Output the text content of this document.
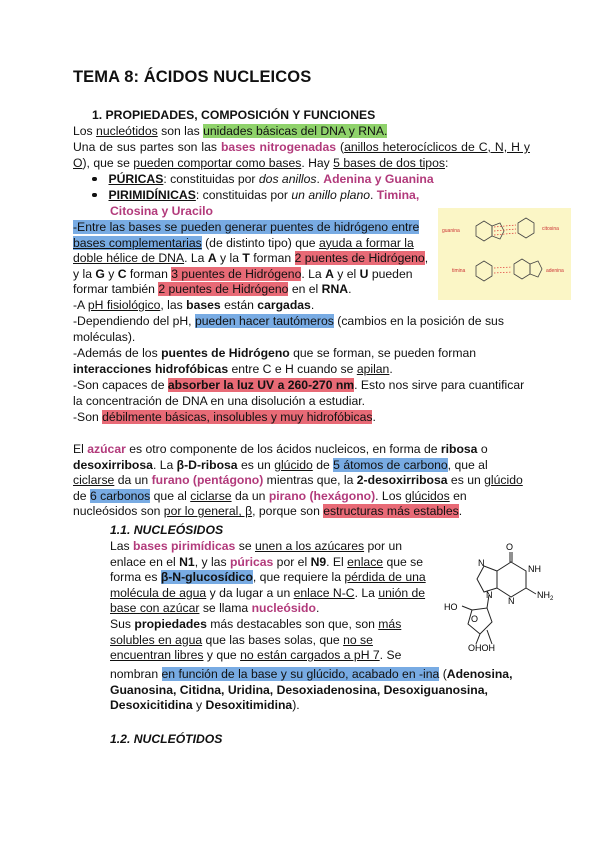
TEMA 8: ÁCIDOS NUCLEICOS
1. PROPIEDADES, COMPOSICIÓN Y FUNCIONES
Los nucleótidos son las unidades básicas del DNA y RNA.
Una de sus partes son las bases nitrogenadas (anillos heterocíclicos de C, N, H y O), que se pueden comportar como bases. Hay 5 bases de dos tipos:
PÚRICAS: constituidas por dos anillos. Adenina y Guanina
PIRIMIDÍNICAS: constituidas por un anillo plano. Timina,
Citosina y Uracilo
-Entre las bases se pueden generar puentes de hidrógeno entre
bases complementarias (de distinto tipo) que ayuda a formar la
doble hélice de DNA. La A y la T forman 2 puentes de Hidrógeno,
y la G y C forman 3 puentes de Hidrógeno. La A y el U pueden
formar también 2 puentes de Hidrógeno en el RNA.
guanina	citosina
timina	adenina
-A pH fisiológico, las bases están cargadas.
-Dependiendo del pH, pueden hacer tautómeros (cambios en la posición de sus
moléculas).
-Además de los puentes de Hidrógeno que se forman, se pueden forman
interacciones hidrofóbicas entre C e H cuando se apilan.
-Son capaces de absorber la luz UV a 260-270 nm. Esto nos sirve para cuantificar
la concentración de DNA en una disolución a estudiar.
-Son débilmente básicas, insolubles y muy hidrofóbicas.
El azúcar es otro componente de los ácidos nucleicos, en forma de ribosa o
desoxirribosa. La β-D-ribosa es un glúcido de 5 átomos de carbono, que al
ciclarse da un furano (pentágono) mientras que, la 2-desoxirribosa es un glúcido
de 6 carbonos que al ciclarse da un pirano (hexágono). Los glúcidos en
nucleósidos son por lo general, β, porque son estructuras más estables.
1.1. NUCLEÓSIDOS
Las bases pirimídicas se unen a los azúcares por un
enlace en el N1, y las púricas por el N9. El enlace que se
forma es β-N-glucosídico, que requiere la pérdida de una
molécula de agua y da lugar a un enlace N-C. La unión de
base con azúcar se llama nucleósido.
Sus propiedades más destacables son que, son más
solubles en agua que las bases solas, que no se
encuentran libres y que no están cargados a pH 7. Se
nombran en función de la base y su glúcido, acabado en -ina (Adenosina,
Guanosina, Citidna, Uridina, Desoxiadenosina, Desoxiguanosina,
Desoxicitidina y Desoxitimidina).
O
NH
N
N
N
$NH_2$
HO
O
OHOH
1.2. NUCLEÓTIDOS
